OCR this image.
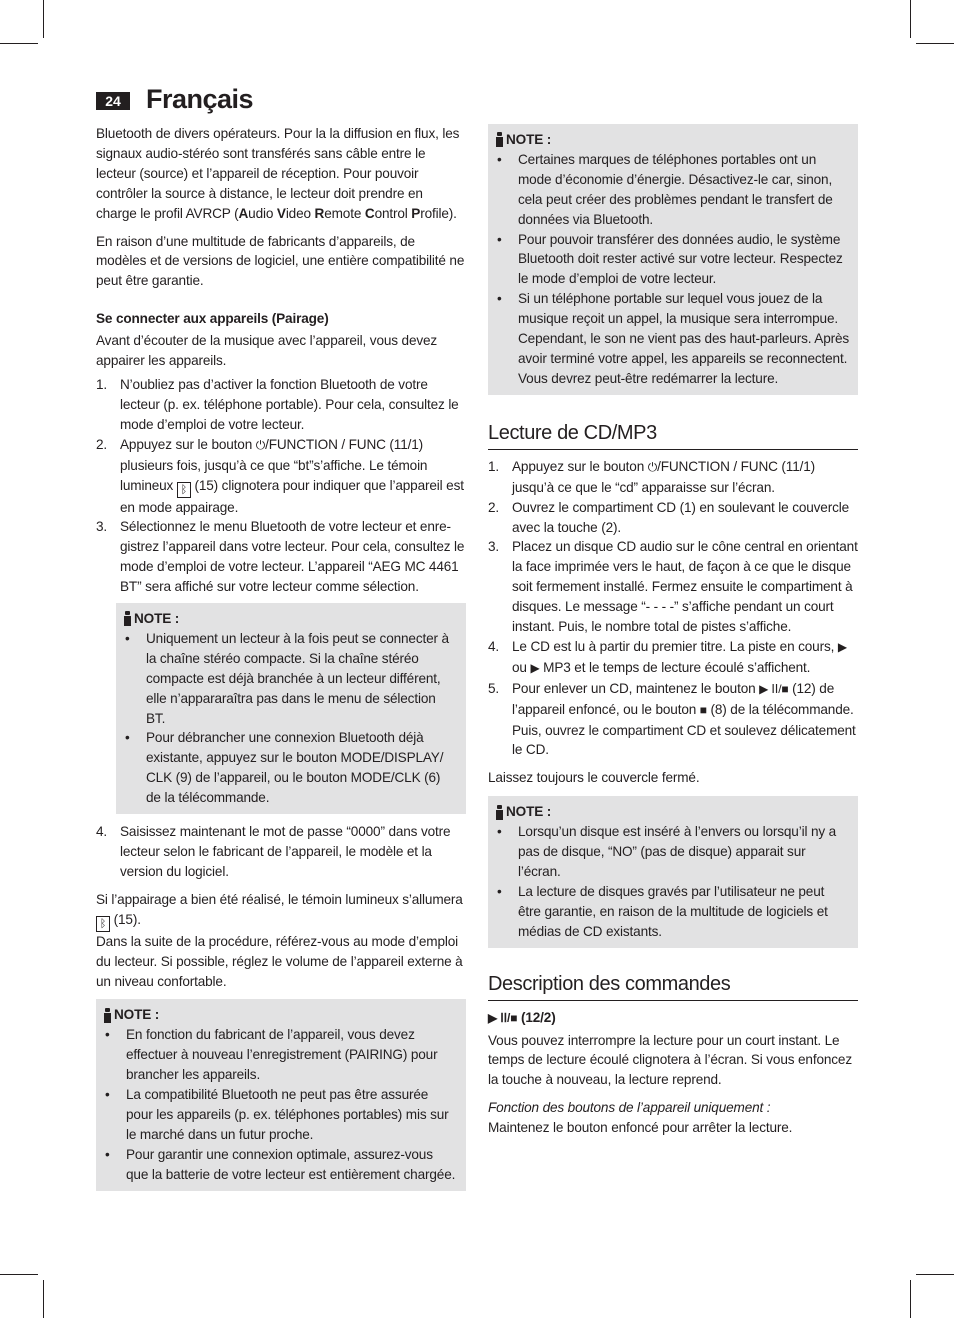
24 Français

Bluetooth de divers opérateurs. Pour la la diffusion en flux, les signaux audio-stéréo sont transférés sans câble entre le lecteur (source) et l’appareil de réception. Pour pouvoir contrôler la source à distance, le lecteur doit prendre en charge le profil AVRCP (Audio Video Remote Control Profile).

En raison d’une multitude de fabricants d’appareils, de modèles et de versions de logiciel, une entière compatibilité ne peut être garantie.

Se connecter aux appareils (Pairage)

Avant d’écouter de la musique avec l’appareil, vous devez appairer les appareils.

1. N’oubliez pas d’activer la fonction Bluetooth de votre lecteur (p. ex. téléphone portable). Pour cela, consultez le mode d’emploi de votre lecteur.
2. Appuyez sur le bouton ⏻/FUNCTION / FUNC (11/1) plusieurs fois, jusqu’à ce que “bt”s’affiche. Le témoin lumineux ᛒ (15) clignotera pour indiquer que l’appareil est en mode appairage.
3. Sélectionnez le menu Bluetooth de votre lecteur et enregistrez l’appareil dans votre lecteur. Pour cela, consultez le mode d’emploi de votre lecteur. L’appareil “AEG MC 4461 BT” sera affiché sur votre lecteur comme sélection.
NOTE :
• Uniquement un lecteur à la fois peut se connecter à la chaîne stéréo compacte. Si la chaîne stéréo compacte est déjà branchée à un lecteur différent, elle n’appararaîtra pas dans le menu de sélection BT.
• Pour débrancher une connexion Bluetooth déjà existante, appuyez sur le bouton MODE/DISPLAY/ CLK (9) de l’appareil, ou le bouton MODE/CLK (6) de la télécommande.
4. Saisissez maintenant le mot de passe “0000” dans votre lecteur selon le fabricant de l’appareil, le modèle et la version du logiciel.

Si l’appairage a bien été réalisé, le témoin lumineux s’allumera ᛒ (15).

Dans la suite de la procédure, référez-vous au mode d’emploi du lecteur. Si possible, réglez le volume de l’appareil externe à un niveau confortable.

NOTE :
• En fonction du fabricant de l’appareil, vous devez effectuer à nouveau l’enregistrement (PAIRING) pour brancher les appareils.
• La compatibilité Bluetooth ne peut pas être assurée pour les appareils (p. ex. téléphones portables) mis sur le marché dans un futur proche.
• Pour garantir une connexion optimale, assurez-vous que la batterie de votre lecteur est entièrement chargée.
NOTE :
• Certaines marques de téléphones portables ont un mode d’économie d’énergie. Désactivez-le car, sinon, cela peut créer des problèmes pendant le transfert de données via Bluetooth.
• Pour pouvoir transférer des données audio, le système Bluetooth doit rester activé sur votre lecteur. Respectez le mode d’emploi de votre lecteur.
• Si un téléphone portable sur lequel vous jouez de la musique reçoit un appel, la musique sera interrompue. Cependant, le son ne vient pas des haut-parleurs. Après avoir terminé votre appel, les appareils se reconnectent. Vous devrez peut-être redémarrer la lecture.
Lecture de CD/MP3
1. Appuyez sur le bouton ⏻/FUNCTION / FUNC (11/1) jusqu’à ce que le “cd” apparaisse sur l’écran.
2. Ouvrez le compartiment CD (1) en soulevant le couvercle avec la touche (2).
3. Placez un disque CD audio sur le cône central en orientant la face imprimée vers le haut, de façon à ce que le disque soit fermement installé. Fermez ensuite le compartiment à disques. Le message “- - - -” s’affiche pendant un court instant. Puis, le nombre total de pistes s’affiche.
4. Le CD est lu à partir du premier titre. La piste en cours, ▶ ou ▶ MP3 et le temps de lecture écoulé s’affichent.
5. Pour enlever un CD, maintenez le bouton ▶ ⅠⅠ/■ (12) de l’appareil enfoncé, ou le bouton ■ (8) de la télécommande. Puis, ouvrez le compartiment CD et soulevez délicatement le CD.

Laissez toujours le couvercle fermé.

NOTE :
• Lorsqu’un disque est inséré à l’envers ou lorsqu’il ny a pas de disque, “NO” (pas de disque) apparait sur l’écran.
• La lecture de disques gravés par l’utilisateur ne peut être garantie, en raison de la multitude de logiciels et médias de CD existants.
Description des commandes
▶ ⅠⅠ/■ (12/2)

Vous pouvez interrompre la lecture pour un court instant. Le temps de lecture écoulé clignotera à l’écran. Si vous enfoncez la touche à nouveau, la lecture reprend.

Fonction des boutons de l’appareil uniquement :

Maintenez le bouton enfoncé pour arrêter la lecture.
